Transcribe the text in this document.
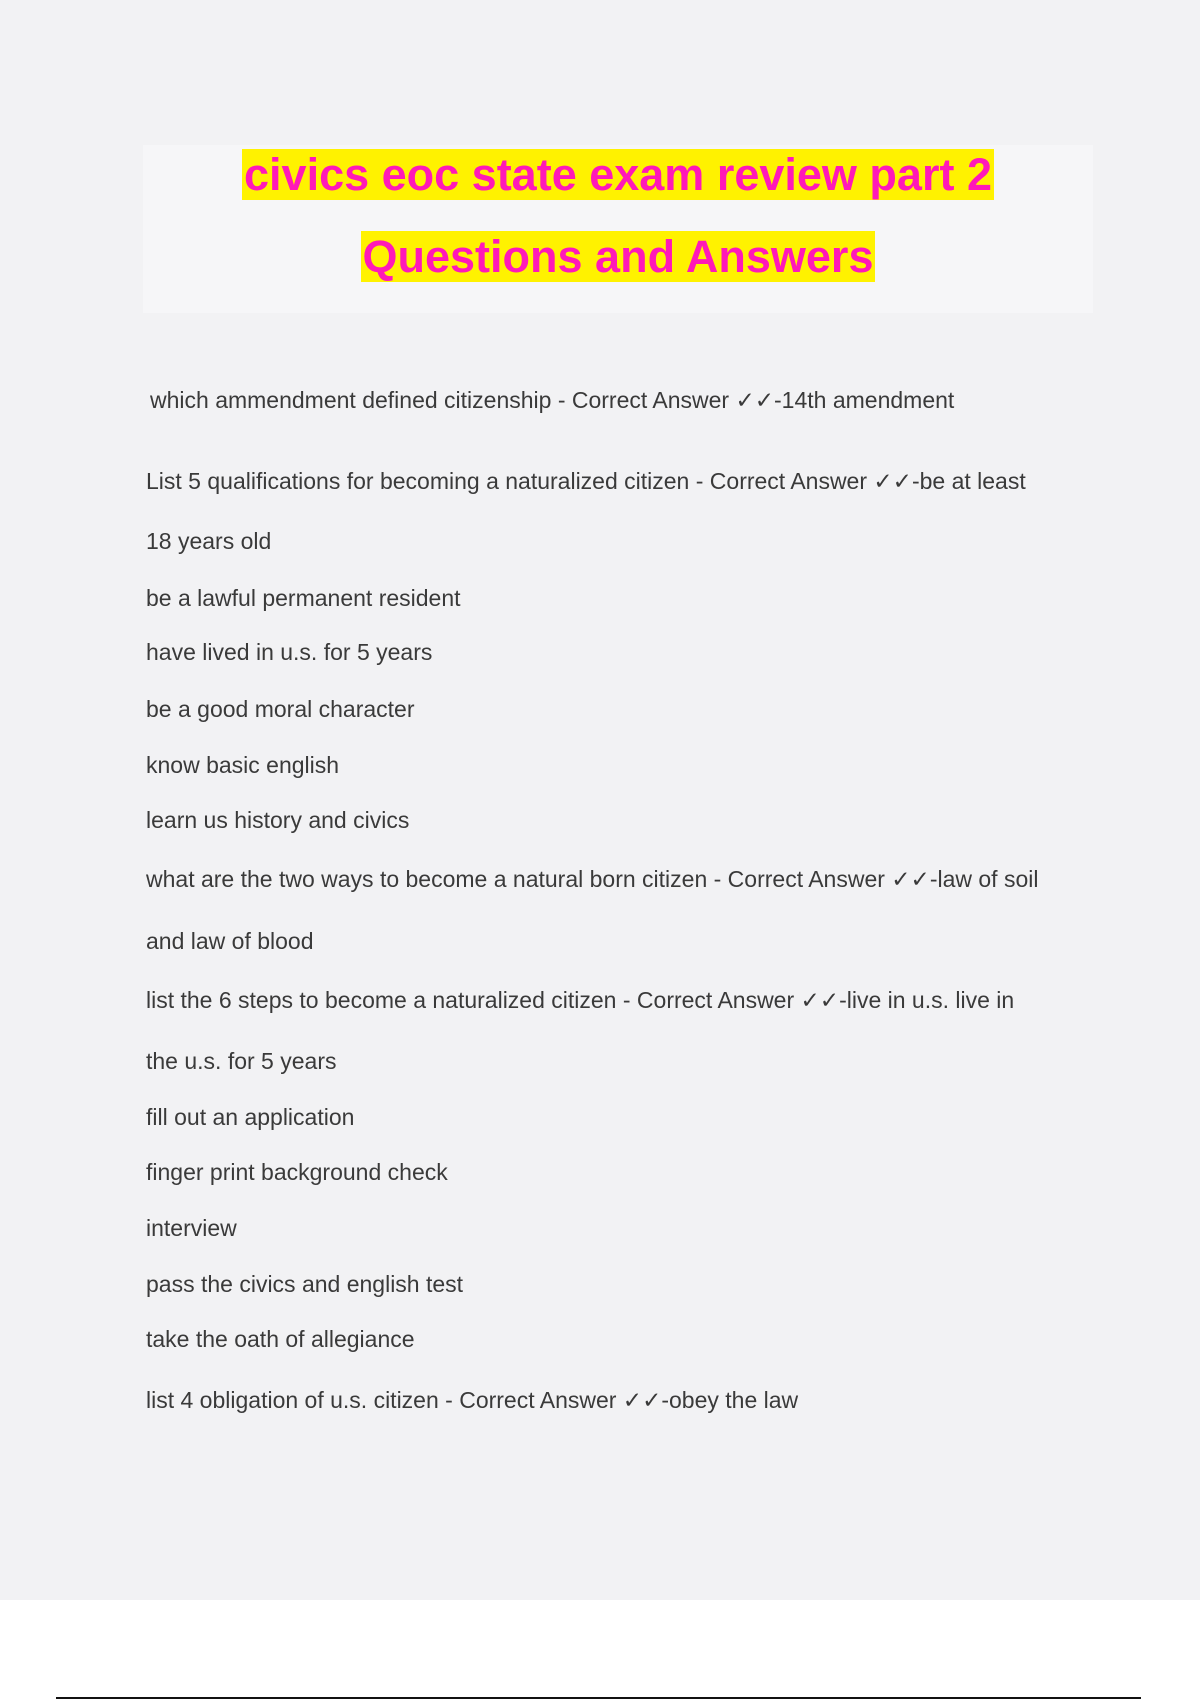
civics eoc state exam review part 2
Questions and Answers
which ammendment defined citizenship - Correct Answer ✓✓-14th amendment
List 5 qualifications for becoming a naturalized citizen - Correct Answer ✓✓-be at least
18 years old
be a lawful permanent resident
have lived in u.s. for 5 years
be a good moral character
know basic english
learn us history and civics
what are the two ways to become a natural born citizen - Correct Answer ✓✓-law of soil
and law of blood
list the 6 steps to become a naturalized citizen - Correct Answer ✓✓-live in u.s. live in
the u.s. for 5 years
fill out an application
finger print background check
interview
pass the civics and english test
take the oath of allegiance
list 4 obligation of u.s. citizen - Correct Answer ✓✓-obey the law
